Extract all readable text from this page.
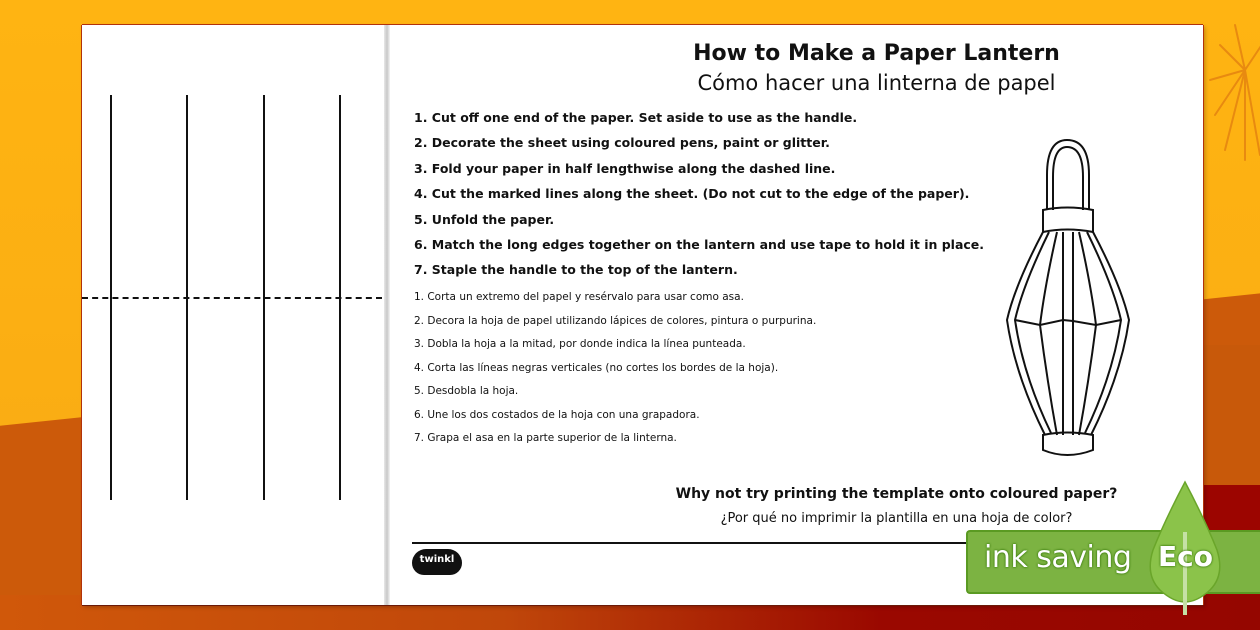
How to Make a Paper Lantern
Cómo hacer una linterna de papel
1. Cut off one end of the paper. Set aside to use as the handle.
2. Decorate the sheet using coloured pens, paint or glitter.
3. Fold your paper in half lengthwise along the dashed line.
4. Cut the marked lines along the sheet. (Do not cut to the edge of the paper).
5. Unfold the paper.
6. Match the long edges together on the lantern and use tape to hold it in place.
7. Staple the handle to the top of the lantern.
1. Corta un extremo del papel y resérvalo para usar como asa.
2. Decora la hoja de papel utilizando lápices de colores, pintura o purpurina.
3. Dobla la hoja a la mitad, por donde indica la línea punteada.
4. Corta las líneas negras verticales (no cortes los bordes de la hoja).
5. Desdobla la hoja.
6. Une los dos costados de la hoja con una grapadora.
7. Grapa el asa en la parte superior de la linterna.
Why not try printing the template onto coloured paper?
¿Por qué no imprimir la plantilla en una hoja de color?
twinkl	ink saving Eco
